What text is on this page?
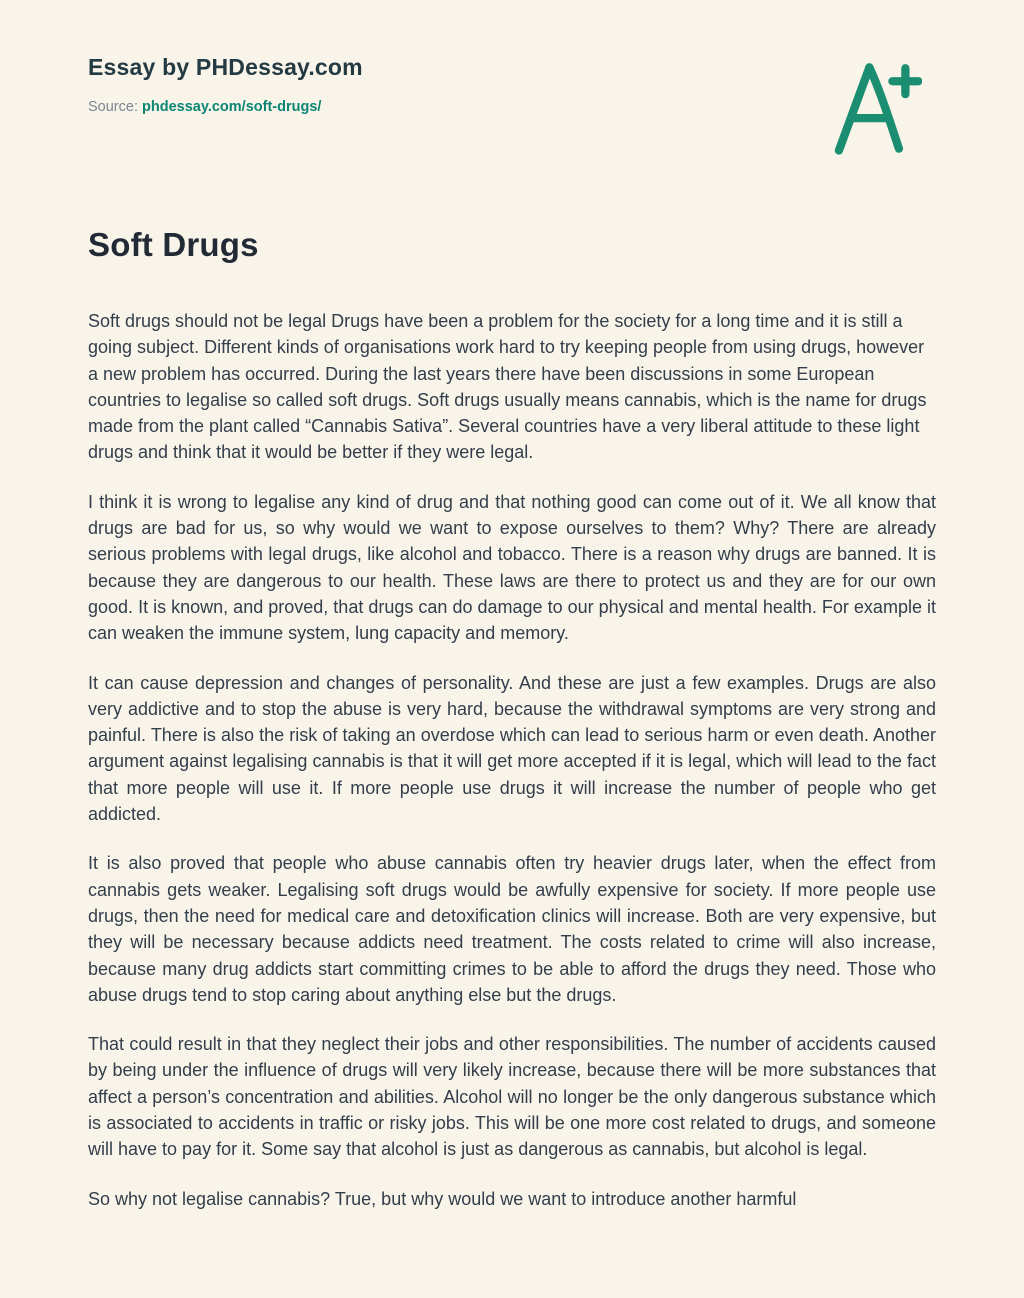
Essay by PHDessay.com

Source: phdessay.com/soft-drugs/

Soft Drugs

Soft drugs should not be legal Drugs have been a problem for the society for a long time and it is still a going subject. Different kinds of organisations work hard to try keeping people from using drugs, however a new problem has occurred. During the last years there have been discussions in some European countries to legalise so called soft drugs. Soft drugs usually means cannabis, which is the name for drugs made from the plant called “Cannabis Sativa”. Several countries have a very liberal attitude to these light drugs and think that it would be better if they were legal.

I think it is wrong to legalise any kind of drug and that nothing good can come out of it. We all know that drugs are bad for us, so why would we want to expose ourselves to them? Why? There are already serious problems with legal drugs, like alcohol and tobacco. There is a reason why drugs are banned. It is because they are dangerous to our health. These laws are there to protect us and they are for our own good. It is known, and proved, that drugs can do damage to our physical and mental health. For example it can weaken the immune system, lung capacity and memory.

It can cause depression and changes of personality. And these are just a few examples. Drugs are also very addictive and to stop the abuse is very hard, because the withdrawal symptoms are very strong and painful. There is also the risk of taking an overdose which can lead to serious harm or even death. Another argument against legalising cannabis is that it will get more accepted if it is legal, which will lead to the fact that more people will use it. If more people use drugs it will increase the number of people who get addicted.

It is also proved that people who abuse cannabis often try heavier drugs later, when the effect from cannabis gets weaker. Legalising soft drugs would be awfully expensive for society. If more people use drugs, then the need for medical care and detoxification clinics will increase. Both are very expensive, but they will be necessary because addicts need treatment. The costs related to crime will also increase, because many drug addicts start committing crimes to be able to afford the drugs they need. Those who abuse drugs tend to stop caring about anything else but the drugs.

That could result in that they neglect their jobs and other responsibilities. The number of accidents caused by being under the influence of drugs will very likely increase, because there will be more substances that affect a person’s concentration and abilities. Alcohol will no longer be the only dangerous substance which is associated to accidents in traffic or risky jobs. This will be one more cost related to drugs, and someone will have to pay for it. Some say that alcohol is just as dangerous as cannabis, but alcohol is legal.

So why not legalise cannabis? True, but why would we want to introduce another harmful
